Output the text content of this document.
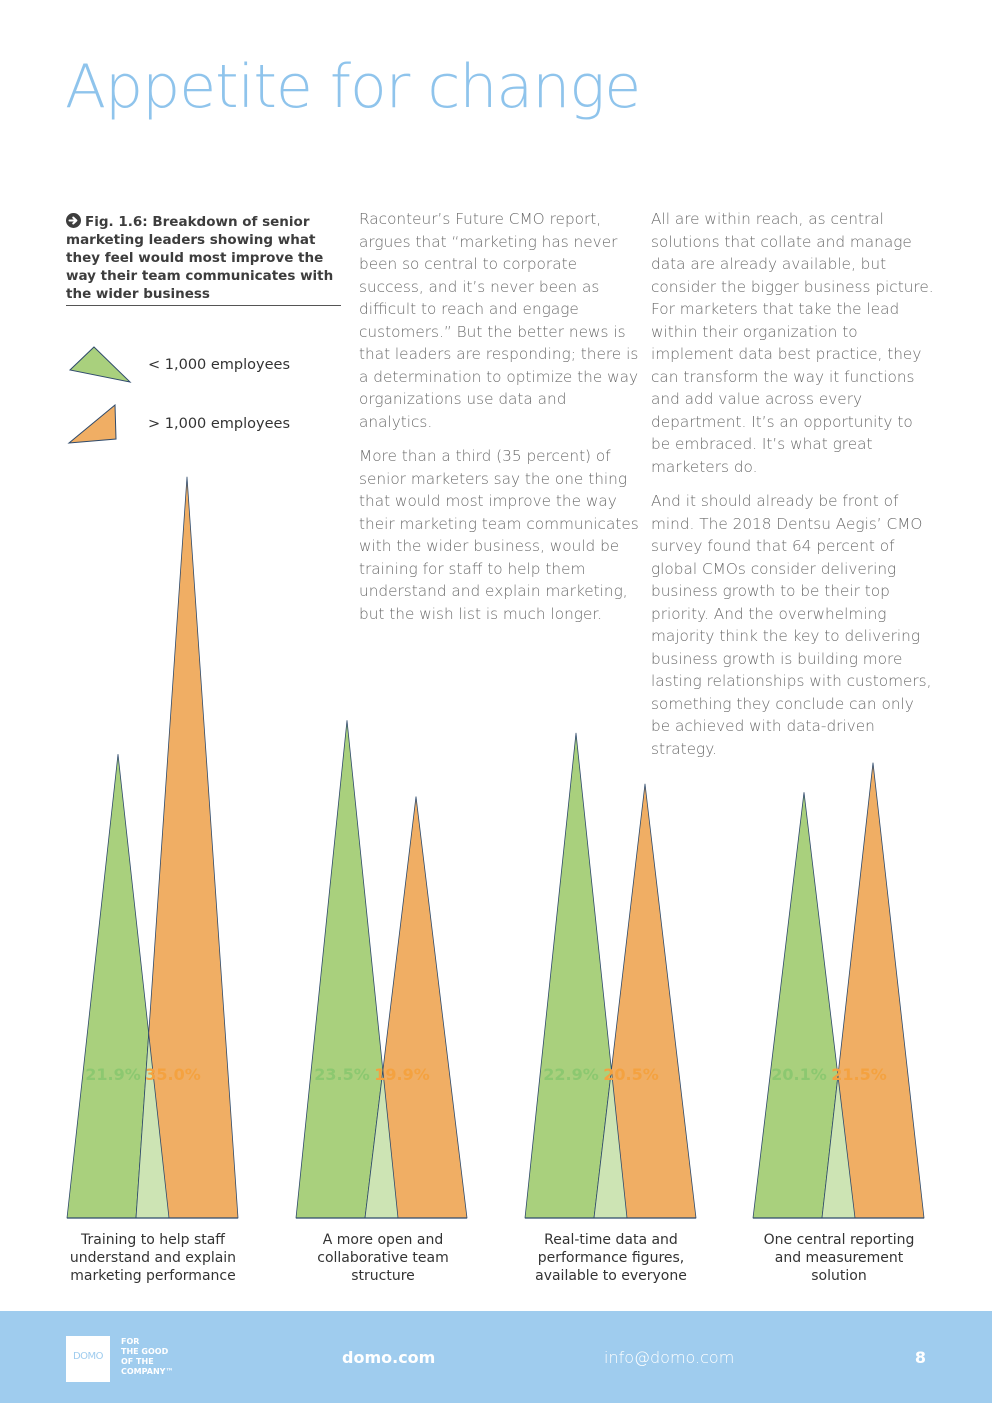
Appetite for change
Fig. 1.6: Breakdown of senior marketing leaders showing what they feel would most improve the way their team communicates with the wider business
< 1,000 employees
> 1,000 employees

Raconteur’s Future CMO report, argues that “marketing has never been so central to corporate success, and it’s never been as difficult to reach and engage customers.” But the better news is that leaders are responding; there is a determination to optimize the way organizations use data and analytics.

More than a third (35 percent) of senior marketers say the one thing that would most improve the way their marketing team communicates with the wider business, would be training for staff to help them understand and explain marketing, but the wish list is much longer.

All are within reach, as central solutions that collate and manage data are already available, but consider the bigger business picture. For marketers that take the lead within their organization to implement data best practice, they can transform the way it functions and add value across every department. It’s an opportunity to be embraced. It’s what great marketers do.

And it should already be front of mind. The 2018 Dentsu Aegis’ CMO survey found that 64 percent of global CMOs consider delivering business growth to be their top priority. And the overwhelming majority think the key to delivering business growth is building more lasting relationships with customers, something they conclude can only be achieved with data-driven strategy.

21.9% 35.0%	23.5% 19.9%	22.9% 20.5%	20.1% 21.5%
Training to help staff understand and explain marketing performance
A more open and collaborative team structure
Real-time data and performance figures, available to everyone
One central reporting and measurement solution
DOMO
FOR
THE GOOD
OF THE
COMPANY™
domo.com	info@domo.com	8
